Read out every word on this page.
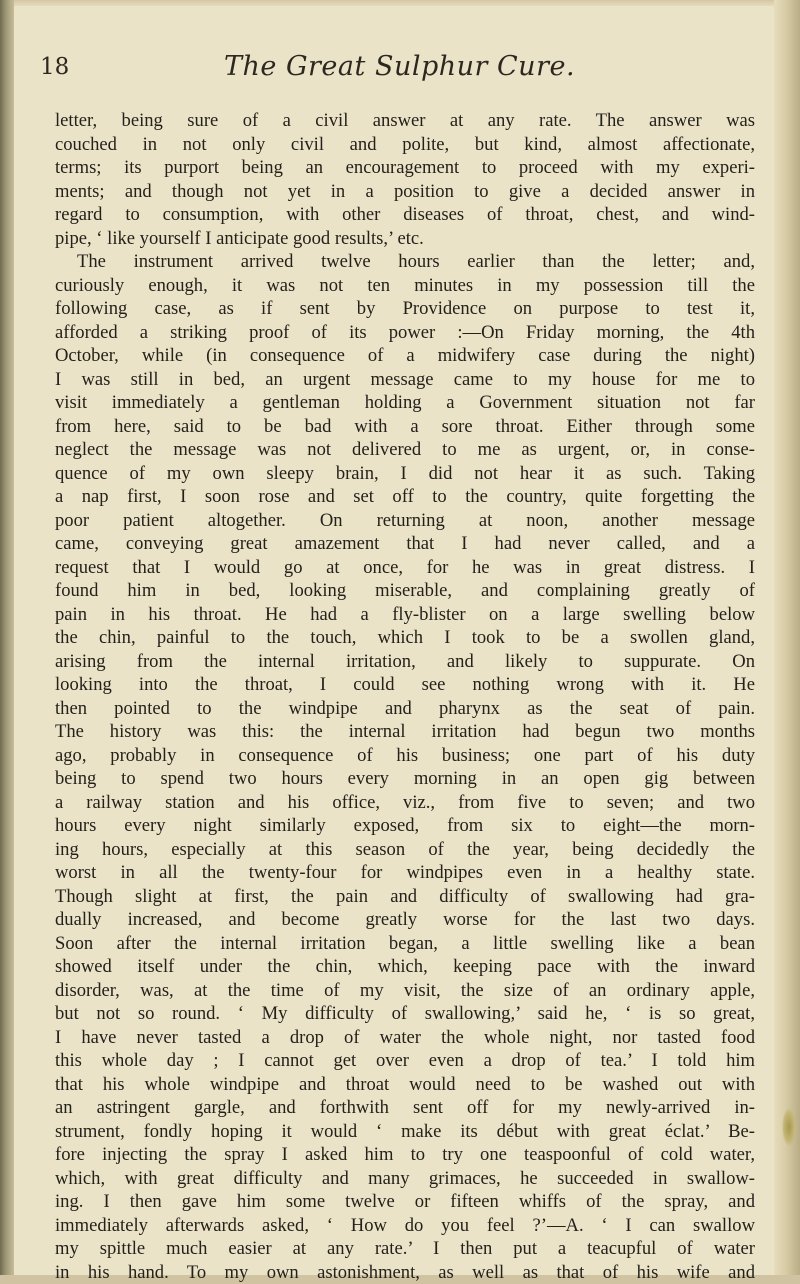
18	The Great Sulphur Cure.
letter, being sure of a civil answer at any rate. The answer was
couched in not only civil and polite, but kind, almost affectionate,
terms; its purport being an encouragement to proceed with my experi-
ments; and though not yet in a position to give a decided answer in
regard to consumption, with other diseases of throat, chest, and wind-
pipe, ‘ like yourself I anticipate good results,’ etc.
The instrument arrived twelve hours earlier than the letter; and,
curiously enough, it was not ten minutes in my possession till the
following case, as if sent by Providence on purpose to test it,
afforded a striking proof of its power :—On Friday morning, the 4th
October, while (in consequence of a midwifery case during the night)
I was still in bed, an urgent message came to my house for me to
visit immediately a gentleman holding a Government situation not far
from here, said to be bad with a sore throat. Either through some
neglect the message was not delivered to me as urgent, or, in conse-
quence of my own sleepy brain, I did not hear it as such. Taking
a nap first, I soon rose and set off to the country, quite forgetting the
poor patient altogether. On returning at noon, another message
came, conveying great amazement that I had never called, and a
request that I would go at once, for he was in great distress. I
found him in bed, looking miserable, and complaining greatly of
pain in his throat. He had a fly-blister on a large swelling below
the chin, painful to the touch, which I took to be a swollen gland,
arising from the internal irritation, and likely to suppurate. On
looking into the throat, I could see nothing wrong with it. He
then pointed to the windpipe and pharynx as the seat of pain.
The history was this: the internal irritation had begun two months
ago, probably in consequence of his business; one part of his duty
being to spend two hours every morning in an open gig between
a railway station and his office, viz., from five to seven; and two
hours every night similarly exposed, from six to eight—the morn-
ing hours, especially at this season of the year, being decidedly the
worst in all the twenty-four for windpipes even in a healthy state.
Though slight at first, the pain and difficulty of swallowing had gra-
dually increased, and become greatly worse for the last two days.
Soon after the internal irritation began, a little swelling like a bean
showed itself under the chin, which, keeping pace with the inward
disorder, was, at the time of my visit, the size of an ordinary apple,
but not so round. ‘ My difficulty of swallowing,’ said he, ‘ is so great,
I have never tasted a drop of water the whole night, nor tasted food
this whole day ; I cannot get over even a drop of tea.’ I told him
that his whole windpipe and throat would need to be washed out with
an astringent gargle, and forthwith sent off for my newly-arrived in-
strument, fondly hoping it would ‘ make its début with great éclat.’ Be-
fore injecting the spray I asked him to try one teaspoonful of cold water,
which, with great difficulty and many grimaces, he succeeded in swallow-
ing. I then gave him some twelve or fifteen whiffs of the spray, and
immediately afterwards asked, ‘ How do you feel ?’—A. ‘ I can swallow
my spittle much easier at any rate.’ I then put a teacupful of water
in his hand. To my own astonishment, as well as that of his wife and
